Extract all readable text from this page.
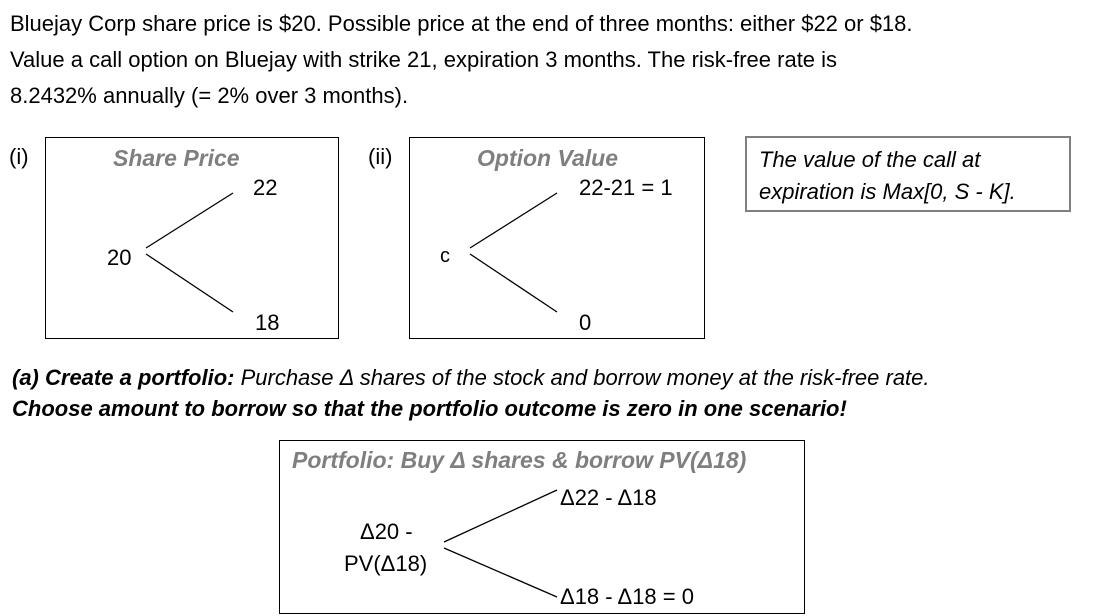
Bluejay Corp share price is $20. Possible price at the end of three months: either $22 or $18.
Value a call option on Bluejay with strike 21, expiration 3 months. The risk-free rate is
8.2432% annually (= 2% over 3 months).
(i)	Share Price
22
20
18
(ii)	Option Value
22-21 = 1
c
0
The value of the call at
expiration is Max[0, S - K].
(a) Create a portfolio: Purchase Δ shares of the stock and borrow money at the risk-free rate.
Choose amount to borrow so that the portfolio outcome is zero in one scenario!
Portfolio: Buy Δ shares & borrow PV(Δ18)
Δ22 - Δ18
Δ20 -
PV(Δ18)
Δ18 - Δ18 = 0
